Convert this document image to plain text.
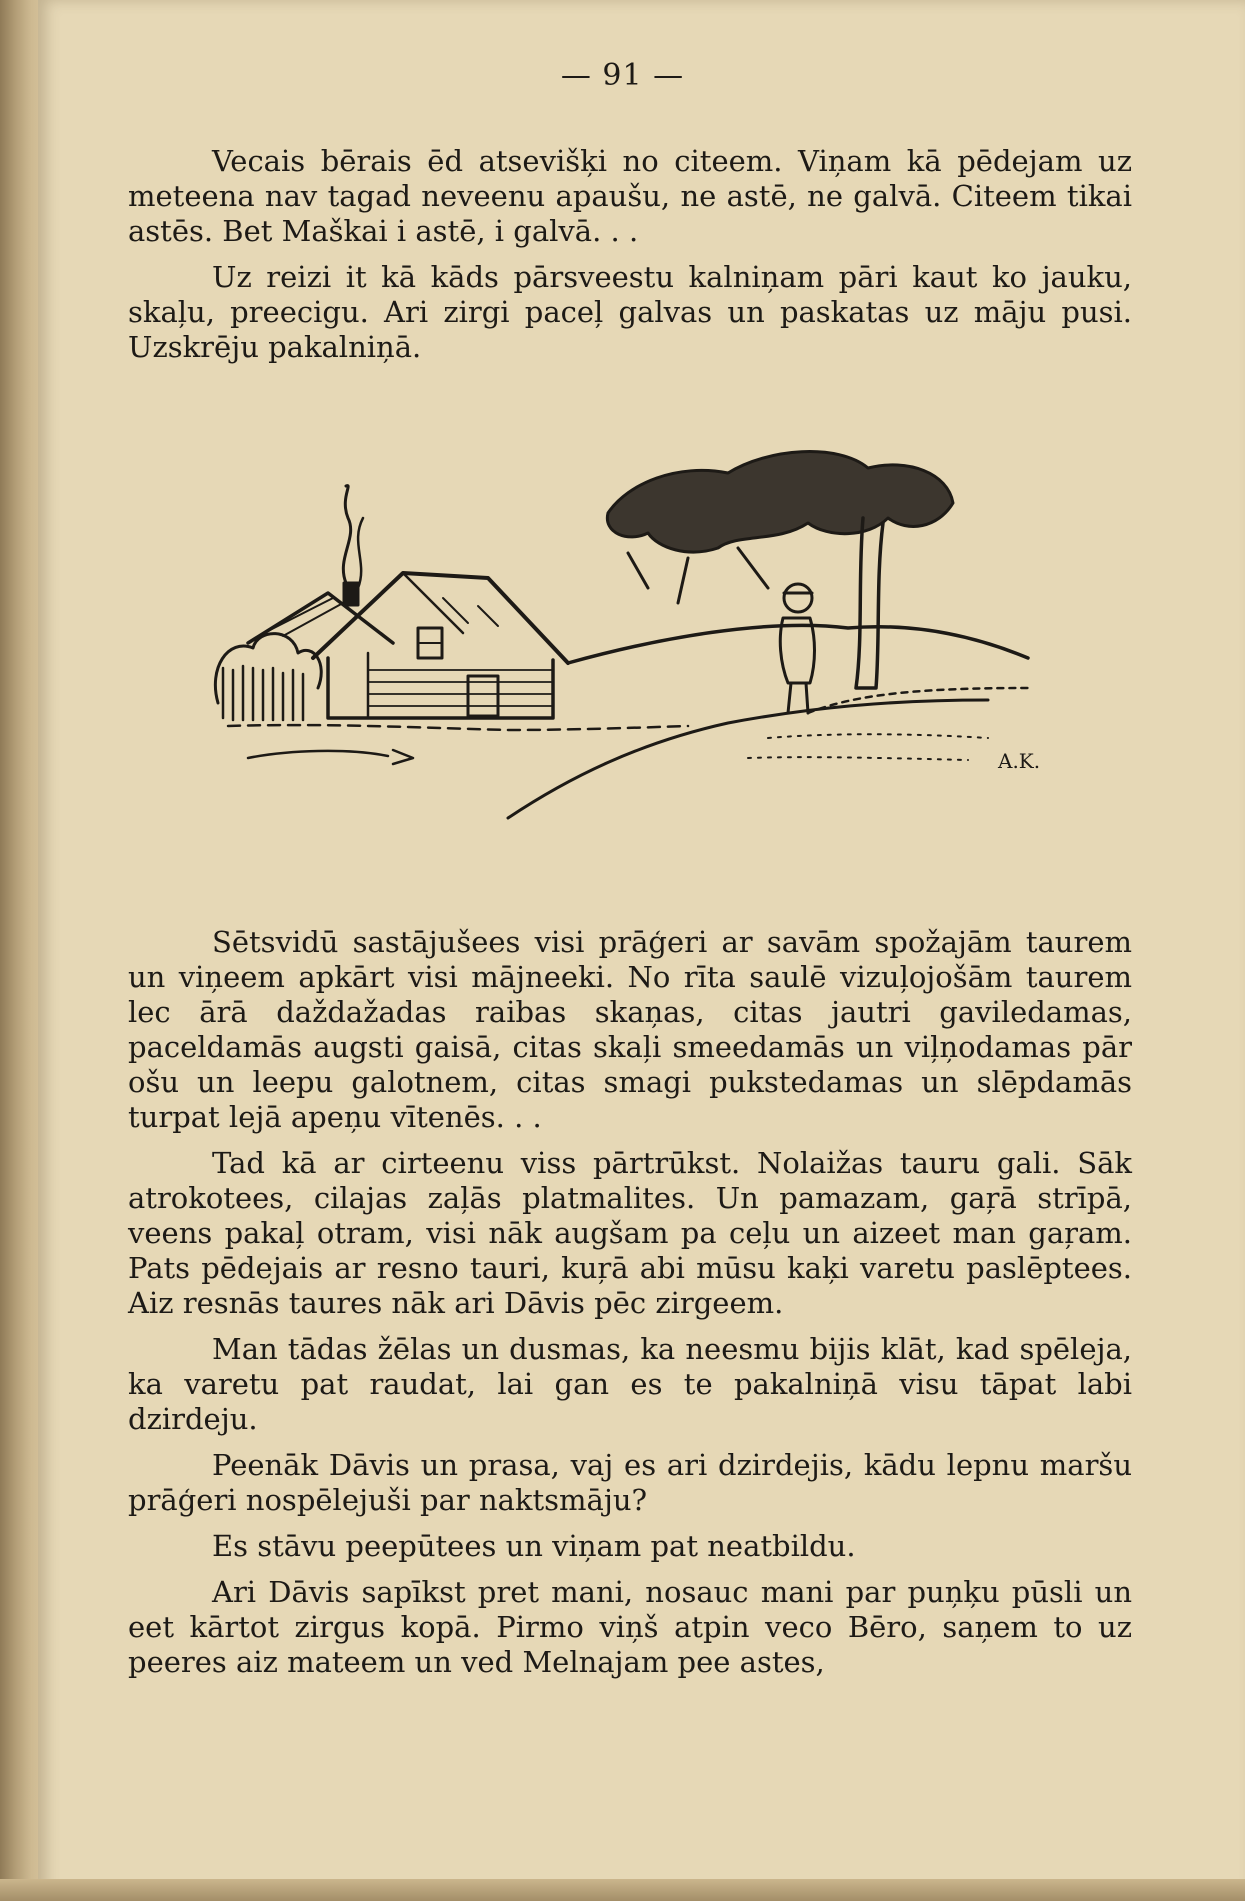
— 91 —

Vecais bērais ēd atsevišķi no citeem. Viņam kā pēdejam uz meteena nav tagad neveenu apaušu, ne astē, ne galvā. Citeem tikai astēs. Bet Maškai i astē, i galvā. . .

Uz reizi it kā kāds pārsveestu kalniņam pāri kaut ko jauku, skaļu, preecigu. Ari zirgi paceļ galvas un paskatas uz māju pusi. Uzskrēju pakalniņā.

A.K.

Sētsvidū sastājušees visi prāģeri ar savām spožajām taurem un viņeem apkārt visi mājneeki. No rīta saulē vizuļojošām taurem lec ārā daždažadas raibas skaņas, citas jautri gaviledamas, paceldamās augsti gaisā, citas skaļi smeedamās un viļņodamas pār ošu un leepu galotnem, citas smagi pukstedamas un slēpdamās turpat lejā apeņu vītenēs. . .

Tad kā ar cirteenu viss pārtrūkst. Nolaižas tauru gali. Sāk atrokotees, cilajas zaļās platmalites. Un pamazam, gaŗā strīpā, veens pakaļ otram, visi nāk augšam pa ceļu un aizeet man gaŗam. Pats pēdejais ar resno tauri, kuŗā abi mūsu kaķi varetu paslēptees. Aiz resnās taures nāk ari Dāvis pēc zirgeem.

Man tādas žēlas un dusmas, ka neesmu bijis klāt, kad spēleja, ka varetu pat raudat, lai gan es te pakalniņā visu tāpat labi dzirdeju.

Peenāk Dāvis un prasa, vaj es ari dzirdejis, kādu lepnu maršu prāģeri nospēlejuši par naktsmāju?

Es stāvu peepūtees un viņam pat neatbildu.

Ari Dāvis sapīkst pret mani, nosauc mani par puņķu pūsli un eet kārtot zirgus kopā. Pirmo viņš atpin veco Bēro, saņem to uz peeres aiz mateem un ved Melnajam pee astes,
